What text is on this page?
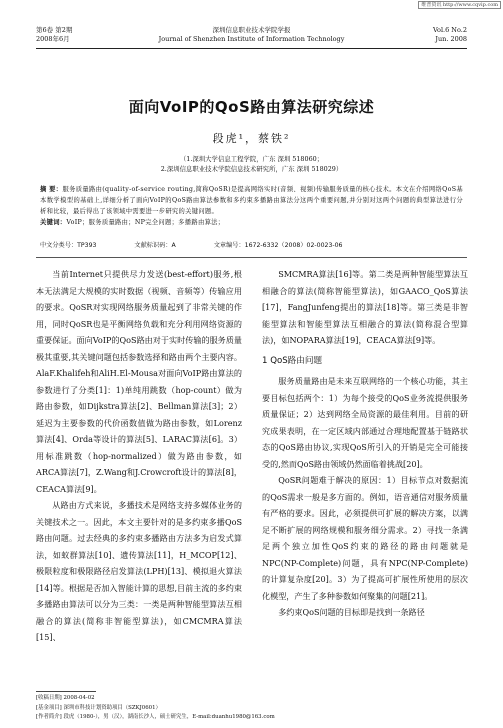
维普资讯 http://www.cqvip.com
第6卷 第2期	深圳信息职业技术学院学报	Vol.6 No.2
2008年6月	Journal of Shenzhen Institute of Information Technology	Jun. 2008
面向VoIP的QoS路由算法研究综述
段虎¹，蔡铁²
（1.深圳大学信息工程学院，广东 深圳 518060；
2.深圳信息职业技术学院信息技术研究所，广东 深圳 518029）
摘 要：服务质量路由(quality-of-service routing,简称QoSR)是提高网络实时(音频、视频)传输服务质量的核心技术。本文在介绍网络QoS基本数学模型的基础上,详细分析了面向VoIP的QoS路由算法参数和多约束多播路由算法分这两个重要问题,并分别对这两个问题的典型算法进行分析和比较，最后得出了该领域中需要进一步研究的关键问题。
关键词：VoIP；服务质量路由；NP完全问题；多播路由算法；
中文分类号：TP393	文献标识码：A	文章编号：1672-6332（2008）02-0023-06

当前Internet只提供尽力发送(best-effort)服务,根本无法满足大规模的实时数据（视频、音频等）传输应用的要求。QoSR对实现网络服务质量起到了非常关键的作用，同时QoSR也是平衡网络负载和充分利用网络资源的重要保证。面向VoIP的QoS路由对于实时传输的服务质量极其重要,其关键问题包括参数选择和路由两个主要内容。AlaF.Khalifeh和AliH.El-Mousa对面向VoIP路由算法的参数进行了分类[1]：1)单纯用跳数（hop-count）做为路由参数，如Dijkstra算法[2]、Bellman算法[3]；2）延迟为主要参数的代价函数值做为路由参数，如Lorenz算法[4]、Orda等设计的算法[5]、LARAC算法[6]。3）用标准跳数（hop-normalized）做为路由参数，如ARCA算法[7]，Z.Wang和J.Crowcroft设计的算法[8]，CEACA算法[9]。

从路由方式来说，多播技术是网络支持多媒体业务的关键技术之一。因此，本文主要针对的是多约束多播QoS路由问题。过去经典的多约束多播路由方法多为启发式算法，如蚁群算法[10]、遗传算法[11]，H_MCOP[12]、极限粒度和极限路径启发算法(LPH)[13]、模拟退火算法[14]等。根据是否加入智能计算的思想,目前主流的多约束多播路由算法可以分为三类：一类是两种智能型算法互相融合的算法(简称非智能型算法)，如CMCMRA算法[15]、

SMCMRA算法[16]等。第二类是两种智能型算法互相融合的算法(简称智能型算法)，如GAACO_QoS算法[17]，FangJunfeng提出的算法[18]等。第三类是非智能型算法和智能型算法互相融合的算法(简称混合型算法)，如NOPARA算法[19]，CEACA算法[9]等。

1 QoS路由问题

服务质量路由是未来互联网络的一个核心功能，其主要目标包括两个：1）为每个接受的QoS业务流提供服务质量保证；2）达到网络全局资源的最佳利用。目前的研究成果表明，在一定区域内部通过合理地配置基于链路状态的QoS路由协议,实现QoS所引入的开销是完全可能接受的,然而QoS路由领域仍然面临着挑战[20]。

QoSR问题难于解决的原因：1）目标节点对数据流的QoS需求一般是多方面的。例如，语音通信对服务质量有严格的要求。因此，必须提供可扩展的解决方案，以满足不断扩展的网络规模和服务细分需求。2）寻找一条满足两个独立加性QoS约束的路径的路由问题就是NPC(NP-Complete)问题，具有NPC(NP-Complete)的计算复杂度[20]。3）为了提高可扩展性所使用的层次化模型，产生了多种参数如何聚集的问题[21]。

多约束QoS问题的目标即是找到一条路径

[收稿日期] 2008-04-02
[基金项目] 深圳市科技计划资助项目（SZKJ0601）
[作者简介] 段虎（1980-），男（汉），湖南长沙人，硕士研究生，E-mail:duanhu1980@163.com
